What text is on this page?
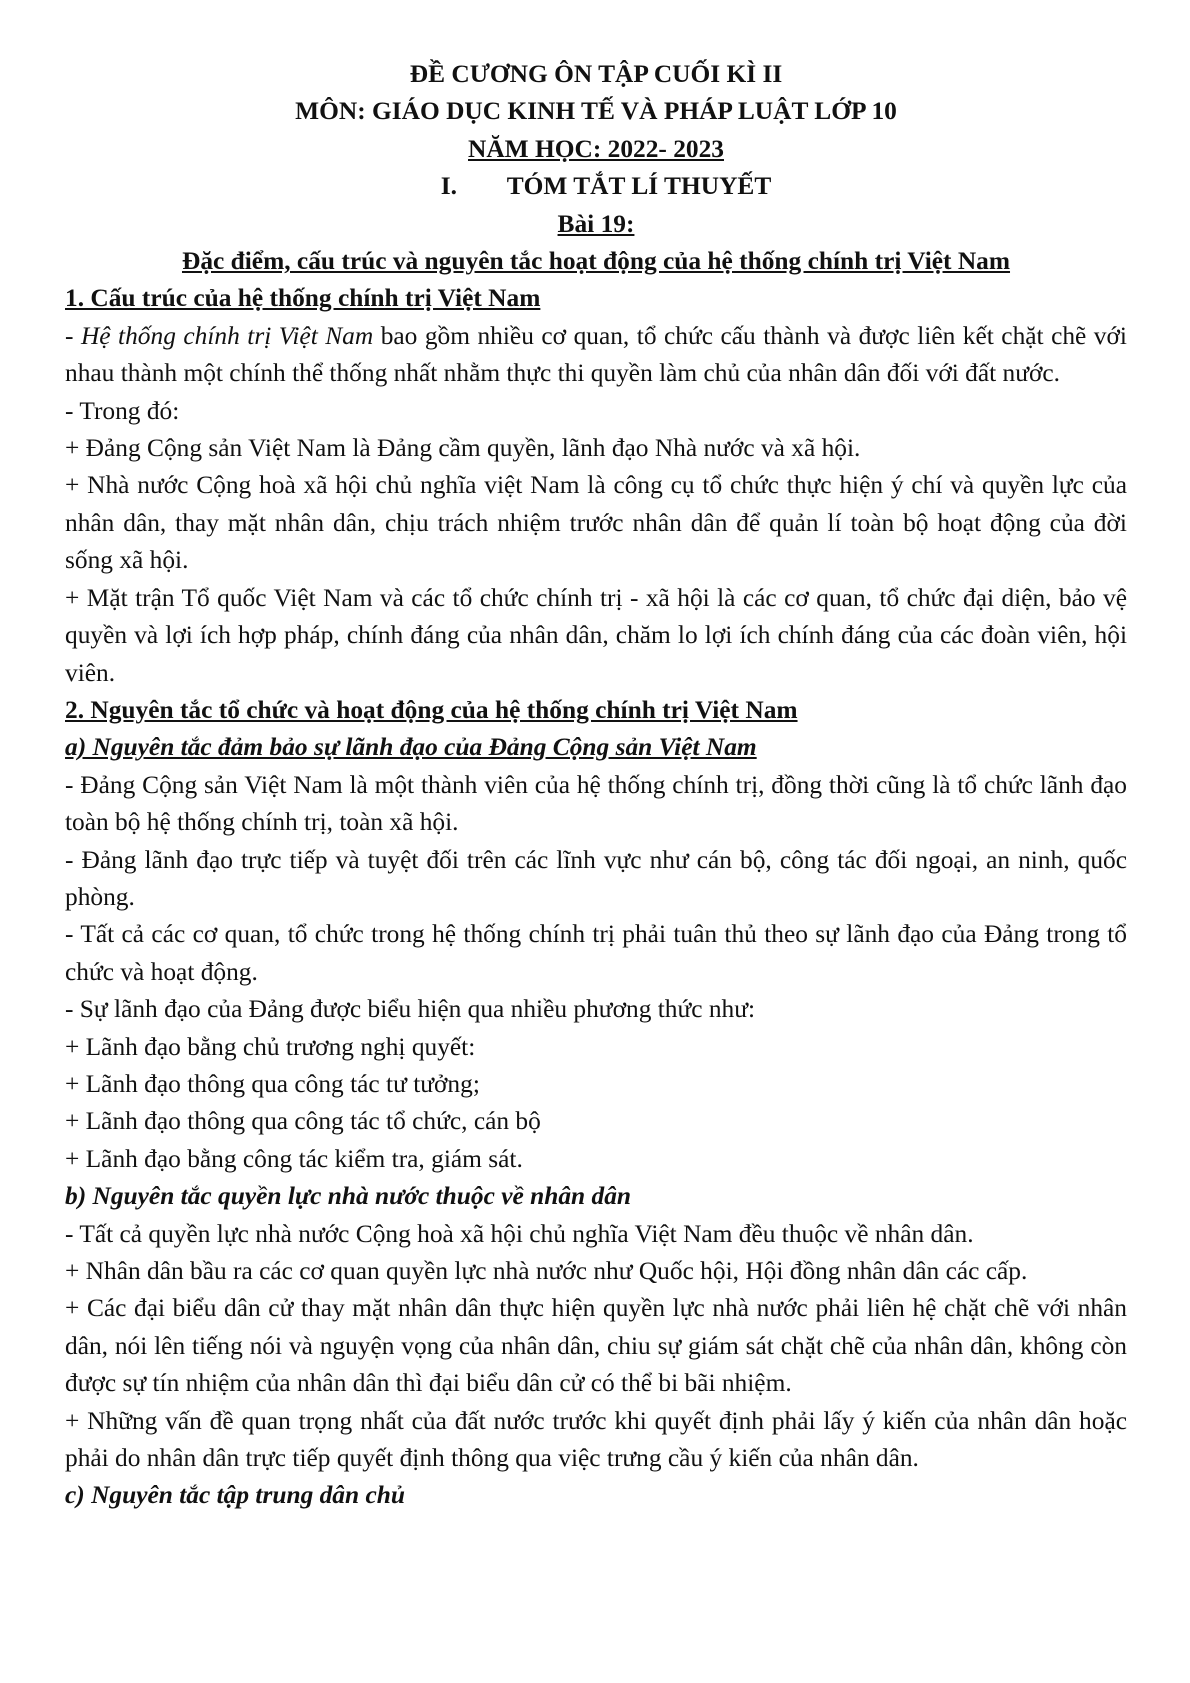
ĐỀ CƯƠNG ÔN TẬP CUỐI KÌ II
MÔN: GIÁO DỤC KINH TẾ VÀ PHÁP LUẬT LỚP 10
NĂM HỌC: 2022- 2023
I. TÓM TẮT LÍ THUYẾT
Bài 19:
Đặc điểm, cấu trúc và nguyên tắc hoạt động của hệ thống chính trị Việt Nam
1. Cấu trúc của hệ thống chính trị Việt Nam
- Hệ thống chính trị Việt Nam bao gồm nhiều cơ quan, tổ chức cấu thành và được liên kết chặt chẽ với nhau thành một chính thể thống nhất nhằm thực thi quyền làm chủ của nhân dân đối với đất nước.
- Trong đó:
+ Đảng Cộng sản Việt Nam là Đảng cầm quyền, lãnh đạo Nhà nước và xã hội.
+ Nhà nước Cộng hoà xã hội chủ nghĩa việt Nam là công cụ tổ chức thực hiện ý chí và quyền lực của nhân dân, thay mặt nhân dân, chịu trách nhiệm trước nhân dân để quản lí toàn bộ hoạt động của đời sống xã hội.
+ Mặt trận Tổ quốc Việt Nam và các tổ chức chính trị - xã hội là các cơ quan, tổ chức đại diện, bảo vệ quyền và lợi ích hợp pháp, chính đáng của nhân dân, chăm lo lợi ích chính đáng của các đoàn viên, hội viên.
2. Nguyên tắc tổ chức và hoạt động của hệ thống chính trị Việt Nam
a) Nguyên tắc đảm bảo sự lãnh đạo của Đảng Cộng sản Việt Nam
- Đảng Cộng sản Việt Nam là một thành viên của hệ thống chính trị, đồng thời cũng là tổ chức lãnh đạo toàn bộ hệ thống chính trị, toàn xã hội.
- Đảng lãnh đạo trực tiếp và tuyệt đối trên các lĩnh vực như cán bộ, công tác đối ngoại, an ninh, quốc phòng.
- Tất cả các cơ quan, tổ chức trong hệ thống chính trị phải tuân thủ theo sự lãnh đạo của Đảng trong tổ chức và hoạt động.
- Sự lãnh đạo của Đảng được biểu hiện qua nhiều phương thức như:
+ Lãnh đạo bằng chủ trương nghị quyết:
+ Lãnh đạo thông qua công tác tư tưởng;
+ Lãnh đạo thông qua công tác tổ chức, cán bộ
+ Lãnh đạo bằng công tác kiểm tra, giám sát.
b) Nguyên tắc quyền lực nhà nước thuộc về nhân dân
- Tất cả quyền lực nhà nước Cộng hoà xã hội chủ nghĩa Việt Nam đều thuộc về nhân dân.
+ Nhân dân bầu ra các cơ quan quyền lực nhà nước như Quốc hội, Hội đồng nhân dân các cấp.
+ Các đại biểu dân cử thay mặt nhân dân thực hiện quyền lực nhà nước phải liên hệ chặt chẽ với nhân dân, nói lên tiếng nói và nguyện vọng của nhân dân, chiu sự giám sát chặt chẽ của nhân dân, không còn được sự tín nhiệm của nhân dân thì đại biểu dân cử có thể bi bãi nhiệm.
+ Những vấn đề quan trọng nhất của đất nước trước khi quyết định phải lấy ý kiến của nhân dân hoặc phải do nhân dân trực tiếp quyết định thông qua việc trưng cầu ý kiến của nhân dân.
c) Nguyên tắc tập trung dân chủ
